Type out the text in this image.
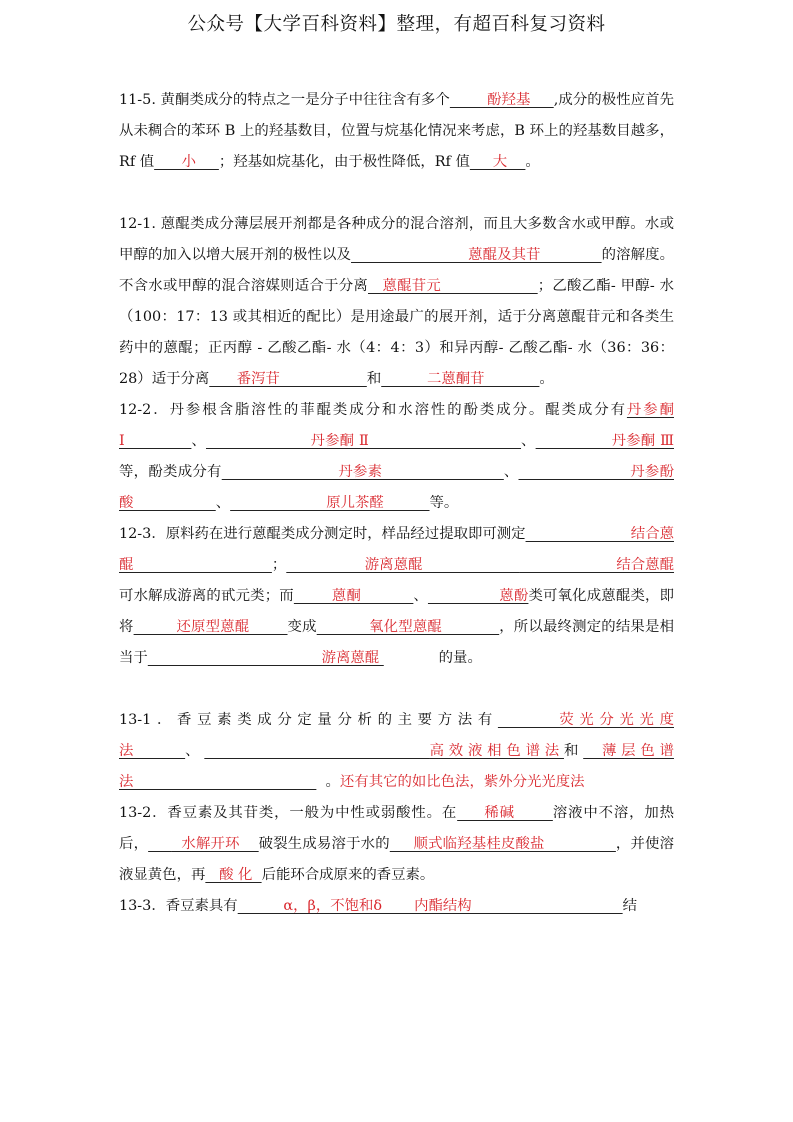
公众号【大学百科资料】整理，有超百科复习资料
11-5. 黄酮类成分的特点之一是分子中往往含有多个        酚羟基     ,成分的极性应首先从未稠合的苯环 B 上的羟基数目，位置与烷基化情况来考虑，B 环上的羟基数目越多，Rf 值      小     ；羟基如烷基化，由于极性降低，Rf 值     大    。
12-1. 蒽醌类成分薄层展开剂都是各种成分的混合溶剂，而且大多数含水或甲醇。水或甲醇的加入以增大展开剂的极性以及                         蒽醌及其苷             的溶解度。不含水或甲醇的混合溶媒则适合于分离   蒽醌苷元                    ；乙酸乙酯- 甲醇- 水（100：17：13 或其相近的配比）是用途最广的展开剂，适于分离蒽醌苷元和各类生药中的蒽醌；正丙醇 - 乙酸乙酯- 水（4：4：3）和异丙醇- 乙酸乙酯- 水（36：36：28）适于分离      番泻苷                   和          二蒽酮苷            。
12-2．丹参根含脂溶性的菲醌类成分和水溶性的酚类成分。醌类成分有丹参酮 Ⅰ              、                      丹参酮 Ⅱ                                、                丹参酮 Ⅲ等，酚类成分有                        丹参素                         、                       丹参酚酸                  、                     原儿茶醛          等。
12-3．原料药在进行蒽醌类成分测定时，样品经过提取即可测定                       结合蒽醌                              ；                 游离蒽醌                                          结合蒽醌可水解成游离的甙元类；而        蒽酮           、               蒽酚类可氧化成蒽醌类，即将         还原型蒽醌        变成           氧化型蒽醌            ，所以最终测定的结果是相当于                                      游离蒽醌             的量。
13-1．香豆素类成分定量分析的主要方法有      荧光分光光度法     、	高效液相色谱法和  薄层色谱法                                          。还有其它的如比色法，紫外分光光度法
13-2．香豆素及其苷类，一般为中性或弱酸性。在     稀碱       溶液中不溶，加热后，       水解开环    破裂生成易溶于水的     顺式临羟基桂皮酸盐               ，并使溶液显黄色，再   酸 化  后能环合成原来的香豆素。
13-3．香豆素具有          α，β，不饱和δ       内酯结构                                 结
